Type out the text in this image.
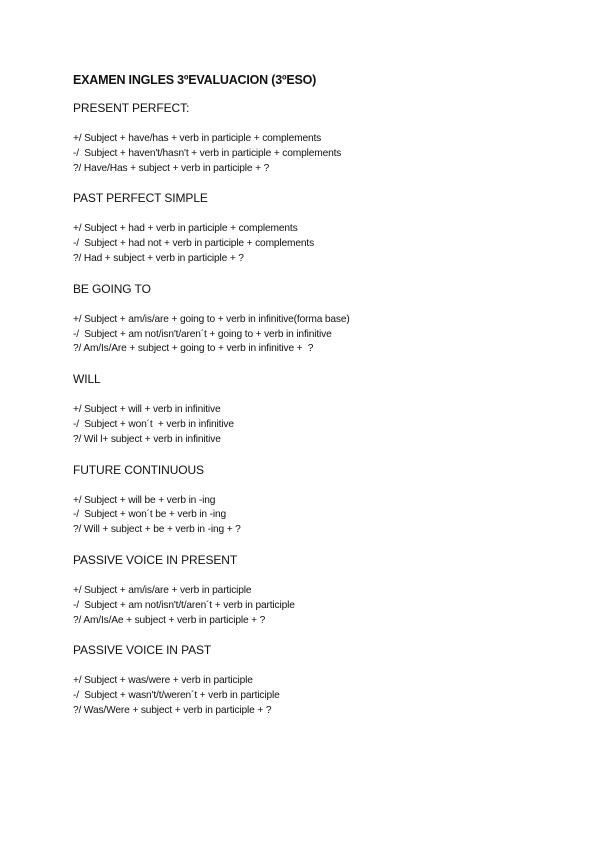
EXAMEN INGLES 3ºEVALUACION (3ºESO)
PRESENT PERFECT:
+/ Subject + have/has + verb in participle + complements
-/  Subject + haven't/hasn't + verb in participle + complements
?/ Have/Has + subject + verb in participle + ?
PAST PERFECT SIMPLE
+/ Subject + had + verb in participle + complements
-/  Subject + had not + verb in participle + complements
?/ Had + subject + verb in participle + ?
BE GOING TO
+/ Subject + am/is/are + going to + verb in infinitive(forma base)
-/  Subject + am not/isn't/aren´t + going to + verb in infinitive
?/ Am/Is/Are + subject + going to + verb in infinitive +  ?
WILL
+/ Subject + will + verb in infinitive
-/  Subject + won´t  + verb in infinitive
?/ Wil l+ subject + verb in infinitive
FUTURE CONTINUOUS
+/ Subject + will be + verb in -ing
-/  Subject + won´t be + verb in -ing
?/ Will + subject + be + verb in -ing + ?
PASSIVE VOICE IN PRESENT
+/ Subject + am/is/are + verb in participle
-/  Subject + am not/isn't/t/aren´t + verb in participle
?/ Am/Is/Ae + subject + verb in participle + ?
PASSIVE VOICE IN PAST
+/ Subject + was/were + verb in participle
-/  Subject + wasn't/t/weren´t + verb in participle
?/ Was/Were + subject + verb in participle + ?
